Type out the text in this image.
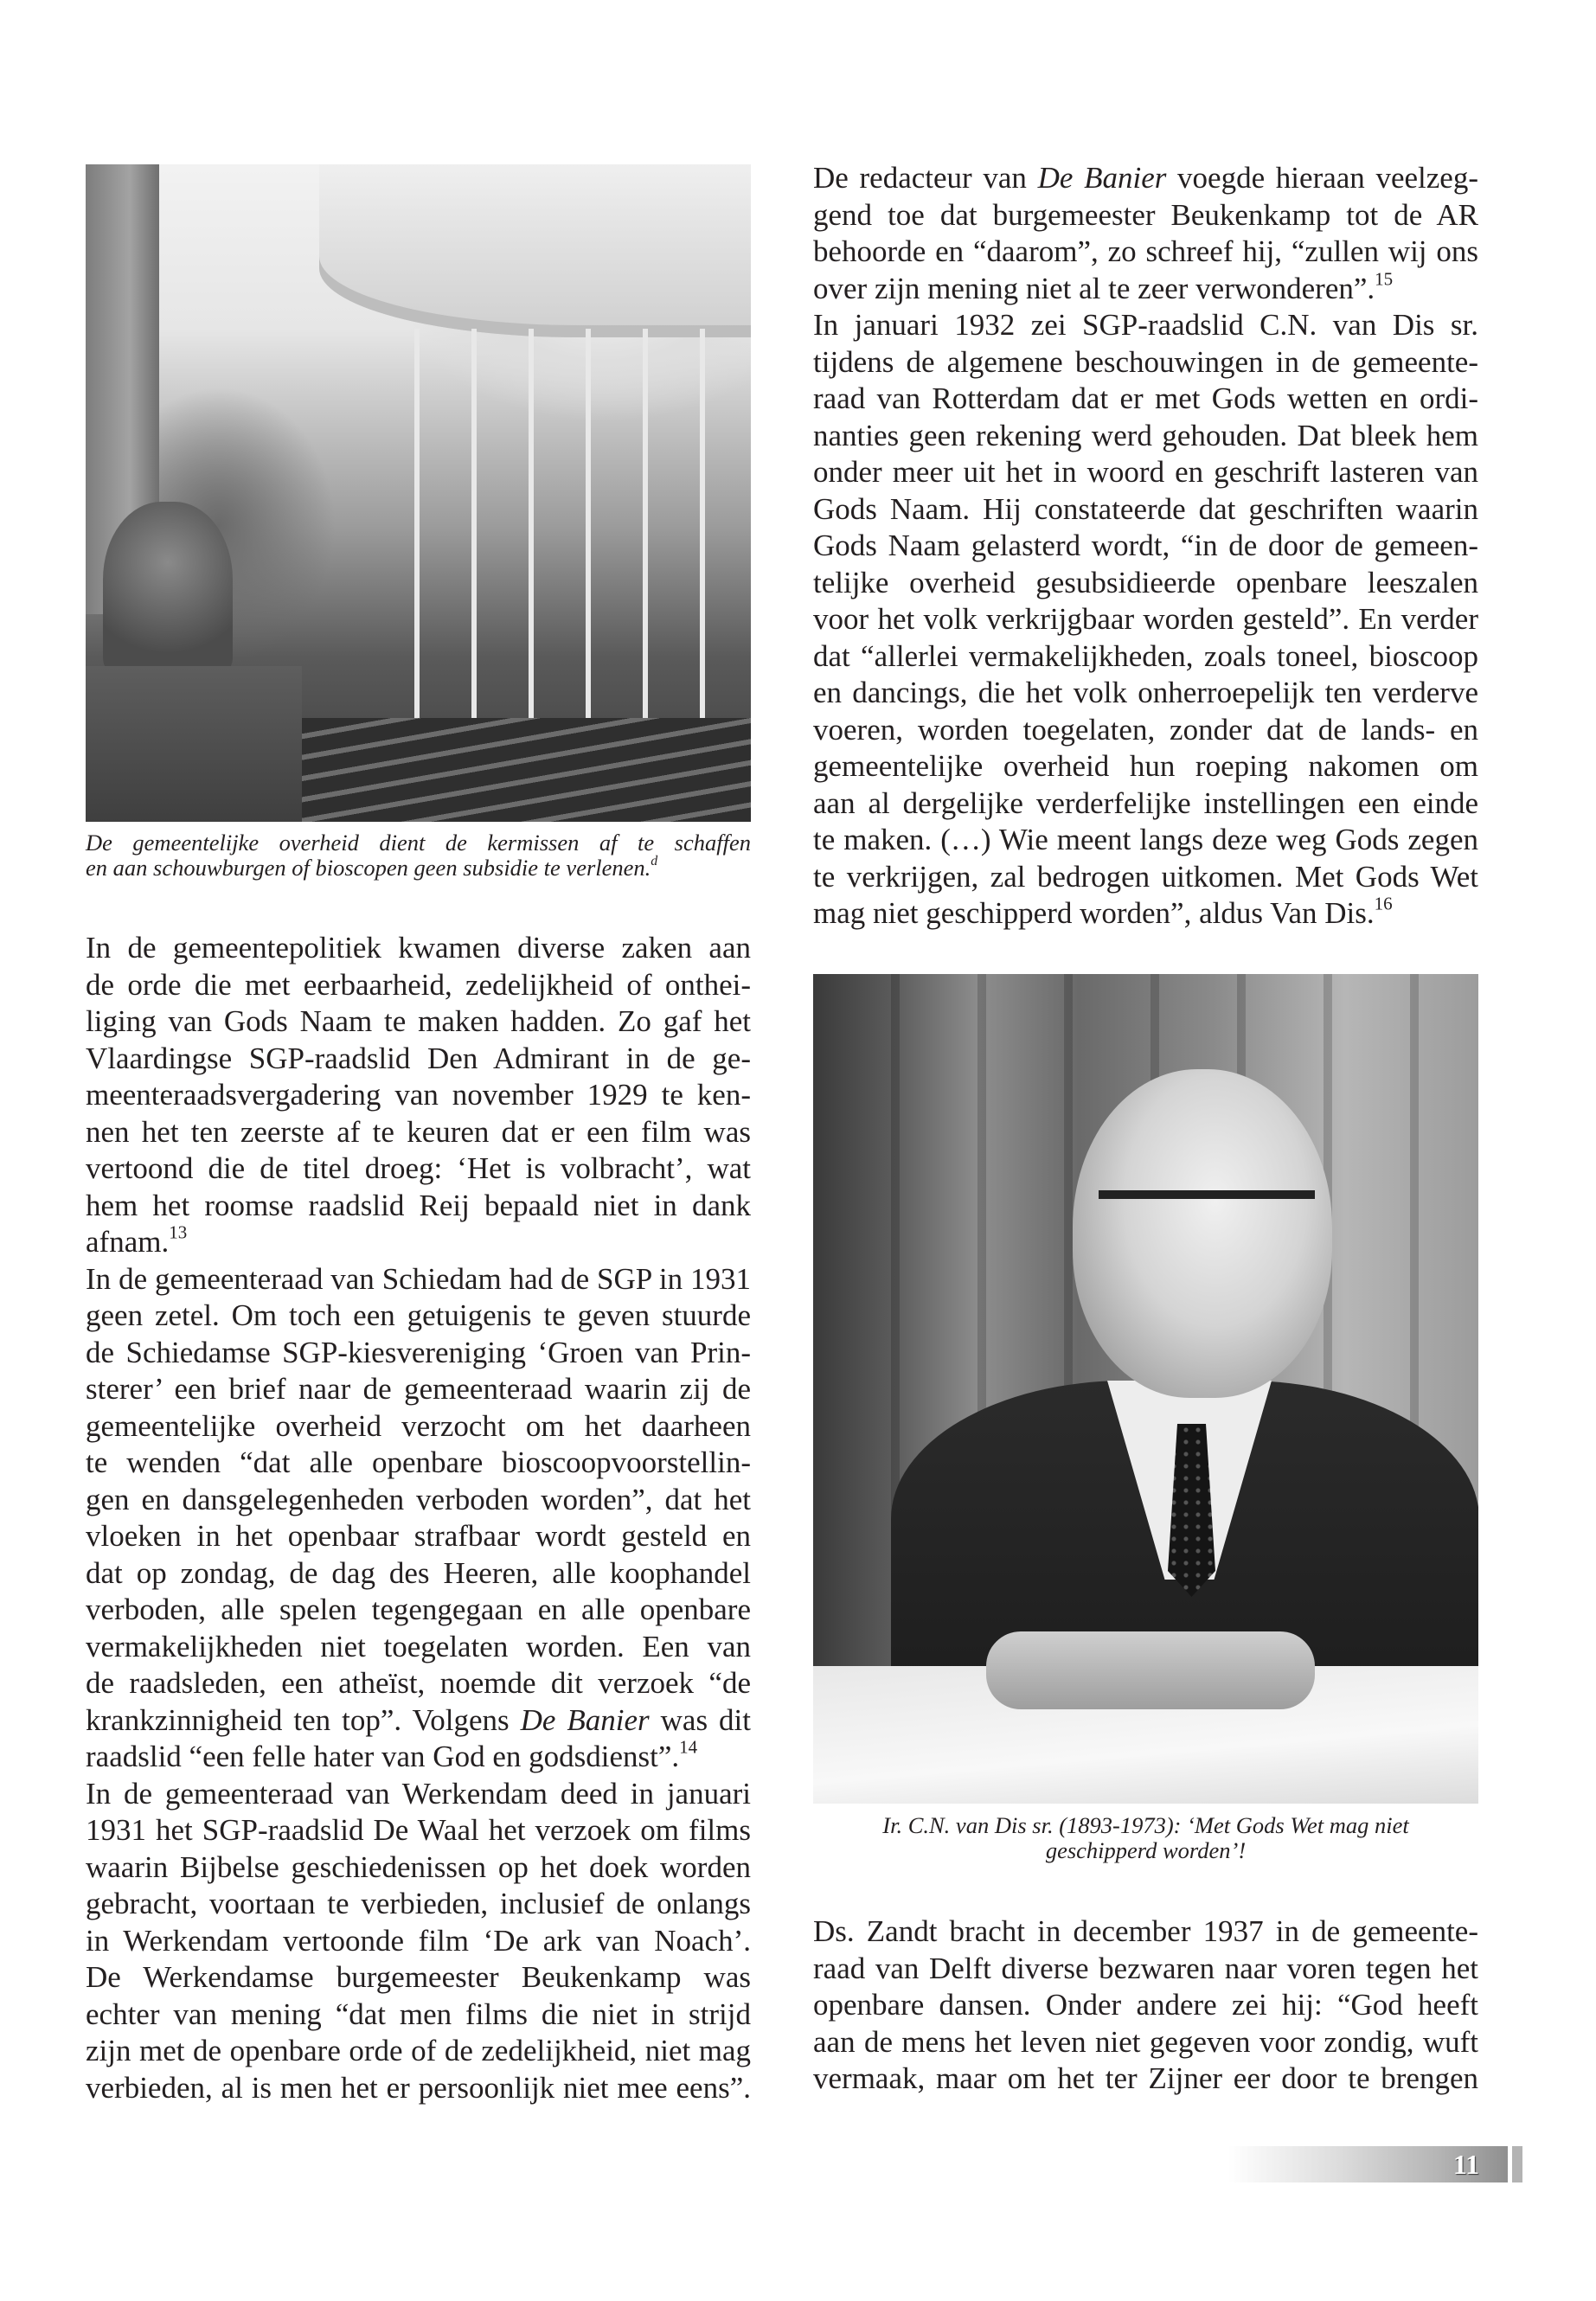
De gemeentelijke overheid dient de kermissen af te schaffen
en aan schouwburgen of bioscopen geen subsidie te verlenen.$^d$
In de gemeentepolitiek kwamen diverse zaken aan
de orde die met eerbaarheid, zedelijkheid of onthei-
liging van Gods Naam te maken hadden. Zo gaf het
Vlaardingse SGP-raadslid Den Admirant in de ge-
meenteraadsvergadering van november 1929 te ken-
nen het ten zeerste af te keuren dat er een film was
vertoond die de titel droeg: ‘Het is volbracht’, wat
hem het roomse raadslid Reij bepaald niet in dank
afnam.$^{13}$
In de gemeenteraad van Schiedam had de SGP in 1931
geen zetel. Om toch een getuigenis te geven stuurde
de Schiedamse SGP-kiesvereniging ‘Groen van Prin-
sterer’ een brief naar de gemeenteraad waarin zij de
gemeentelijke overheid verzocht om het daarheen
te wenden “dat alle openbare bioscoopvoorstellin-
gen en dansgelegenheden verboden worden”, dat het
vloeken in het openbaar strafbaar wordt gesteld en
dat op zondag, de dag des Heeren, alle koophandel
verboden, alle spelen tegengegaan en alle openbare
vermakelijkheden niet toegelaten worden. Een van
de raadsleden, een atheïst, noemde dit verzoek “de
krankzinnigheid ten top”. Volgens De Banier was dit
raadslid “een felle hater van God en godsdienst”.$^{14}$
In de gemeenteraad van Werkendam deed in januari
1931 het SGP-raadslid De Waal het verzoek om films
waarin Bijbelse geschiedenissen op het doek worden
gebracht, voortaan te verbieden, inclusief de onlangs
in Werkendam vertoonde film ‘De ark van Noach’.
De Werkendamse burgemeester Beukenkamp was
echter van mening “dat men films die niet in strijd
zijn met de openbare orde of de zedelijkheid, niet mag
verbieden, al is men het er persoonlijk niet mee eens”.
De redacteur van De Banier voegde hieraan veelzeg-
gend toe dat burgemeester Beukenkamp tot de AR
behoorde en “daarom”, zo schreef hij, “zullen wij ons
over zijn mening niet al te zeer verwonderen”.$^{15}$
In januari 1932 zei SGP-raadslid C.N. van Dis sr.
tijdens de algemene beschouwingen in de gemeente-
raad van Rotterdam dat er met Gods wetten en ordi-
nanties geen rekening werd gehouden. Dat bleek hem
onder meer uit het in woord en geschrift lasteren van
Gods Naam. Hij constateerde dat geschriften waarin
Gods Naam gelasterd wordt, “in de door de gemeen-
telijke overheid gesubsidieerde openbare leeszalen
voor het volk verkrijgbaar worden gesteld”. En verder
dat “allerlei vermakelijkheden, zoals toneel, bioscoop
en dancings, die het volk onherroepelijk ten verderve
voeren, worden toegelaten, zonder dat de lands- en
gemeentelijke overheid hun roeping nakomen om
aan al dergelijke verderfelijke instellingen een einde
te maken. (…) Wie meent langs deze weg Gods zegen
te verkrijgen, zal bedrogen uitkomen. Met Gods Wet
mag niet geschipperd worden”, aldus Van Dis.$^{16}$
Ir. C.N. van Dis sr. (1893-1973): ‘Met Gods Wet mag niet
geschipperd worden’!
Ds. Zandt bracht in december 1937 in de gemeente-
raad van Delft diverse bezwaren naar voren tegen het
openbare dansen. Onder andere zei hij: “God heeft
aan de mens het leven niet gegeven voor zondig, wuft
vermaak, maar om het ter Zijner eer door te brengen
11
